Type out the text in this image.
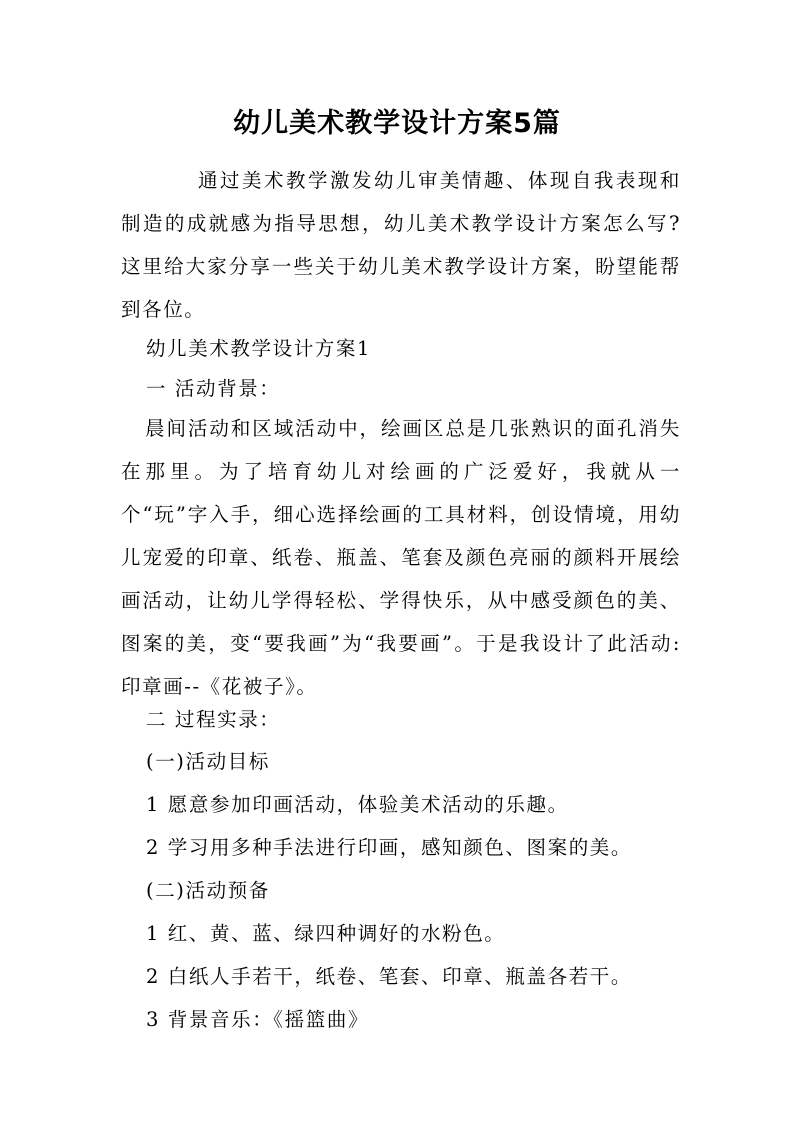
幼儿美术教学设计方案5篇

通过美术教学激发幼儿审美情趣、体现自我表现和制造的成就感为指导思想，幼儿美术教学设计方案怎么写?这里给大家分享一些关于幼儿美术教学设计方案，盼望能帮到各位。

幼儿美术教学设计方案1

一 活动背景：

晨间活动和区域活动中，绘画区总是几张熟识的面孔消失在那里。为了培育幼儿对绘画的广泛爱好，我就从一个“玩”字入手，细心选择绘画的工具材料，创设情境，用幼儿宠爱的印章、纸卷、瓶盖、笔套及颜色亮丽的颜料开展绘画活动，让幼儿学得轻松、学得快乐，从中感受颜色的美、图案的美，变“要我画”为“我要画”。于是我设计了此活动:印章画--《花被子》。

二 过程实录：

(一)活动目标

1 愿意参加印画活动，体验美术活动的乐趣。

2 学习用多种手法进行印画，感知颜色、图案的美。

(二)活动预备

1 红、黄、蓝、绿四种调好的水粉色。

2 白纸人手若干，纸卷、笔套、印章、瓶盖各若干。

3 背景音乐：《摇篮曲》
